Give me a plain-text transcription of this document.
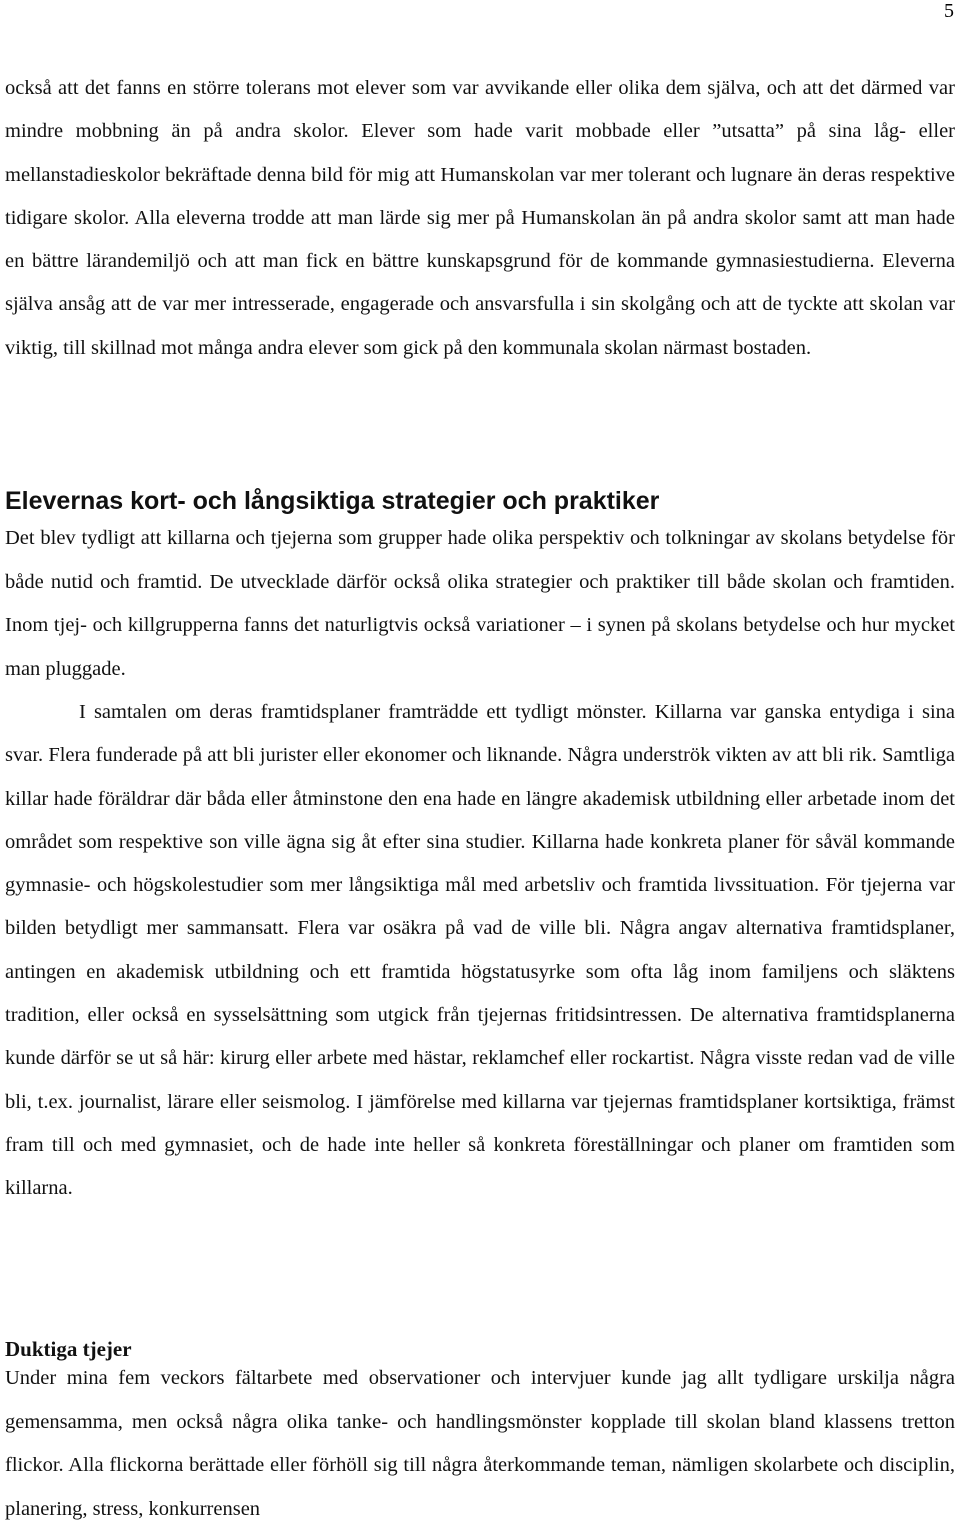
5

också att det fanns en större tolerans mot elever som var avvikande eller olika dem själva, och att det därmed var mindre mobbning än på andra skolor. Elever som hade varit mobbade eller ”utsatta” på sina låg- eller mellanstadieskolor bekräftade denna bild för mig att Humanskolan var mer tolerant och lugnare än deras respektive tidigare skolor. Alla eleverna trodde att man lärde sig mer på Humanskolan än på andra skolor samt att man hade en bättre lärandemiljö och att man fick en bättre kunskapsgrund för de kommande gymnasiestudierna. Eleverna själva ansåg att de var mer intresserade, engagerade och ansvarsfulla i sin skolgång och att de tyckte att skolan var viktig, till skillnad mot många andra elever som gick på den kommunala skolan närmast bostaden.

Elevernas kort- och långsiktiga strategier och praktiker

Det blev tydligt att killarna och tjejerna som grupper hade olika perspektiv och tolkningar av skolans betydelse för både nutid och framtid. De utvecklade därför också olika strategier och praktiker till både skolan och framtiden. Inom tjej- och killgrupperna fanns det naturligtvis också variationer – i synen på skolans betydelse och hur mycket man pluggade.

I samtalen om deras framtidsplaner framträdde ett tydligt mönster. Killarna var ganska entydiga i sina svar. Flera funderade på att bli jurister eller ekonomer och liknande. Några underströk vikten av att bli rik. Samtliga killar hade föräldrar där båda eller åtminstone den ena hade en längre akademisk utbildning eller arbetade inom det området som respektive son ville ägna sig åt efter sina studier. Killarna hade konkreta planer för såväl kommande gymnasie- och högskolestudier som mer långsiktiga mål med arbetsliv och framtida livssituation. För tjejerna var bilden betydligt mer sammansatt. Flera var osäkra på vad de ville bli. Några angav alternativa framtidsplaner, antingen en akademisk utbildning och ett framtida högstatusyrke som ofta låg inom familjens och släktens tradition, eller också en sysselsättning som utgick från tjejernas fritidsintressen. De alternativa framtidsplanerna kunde därför se ut så här: kirurg eller arbete med hästar, reklamchef eller rockartist. Några visste redan vad de ville bli, t.ex. journalist, lärare eller seismolog. I jämförelse med killarna var tjejernas framtidsplaner kortsiktiga, främst fram till och med gymnasiet, och de hade inte heller så konkreta föreställningar och planer om framtiden som killarna.

Duktiga tjejer

Under mina fem veckors fältarbete med observationer och intervjuer kunde jag allt tydligare urskilja några gemensamma, men också några olika tanke- och handlingsmönster kopplade till skolan bland klassens tretton flickor. Alla flickorna berättade eller förhöll sig till några återkommande teman, nämligen skolarbete och disciplin, planering, stress, konkurrensen
